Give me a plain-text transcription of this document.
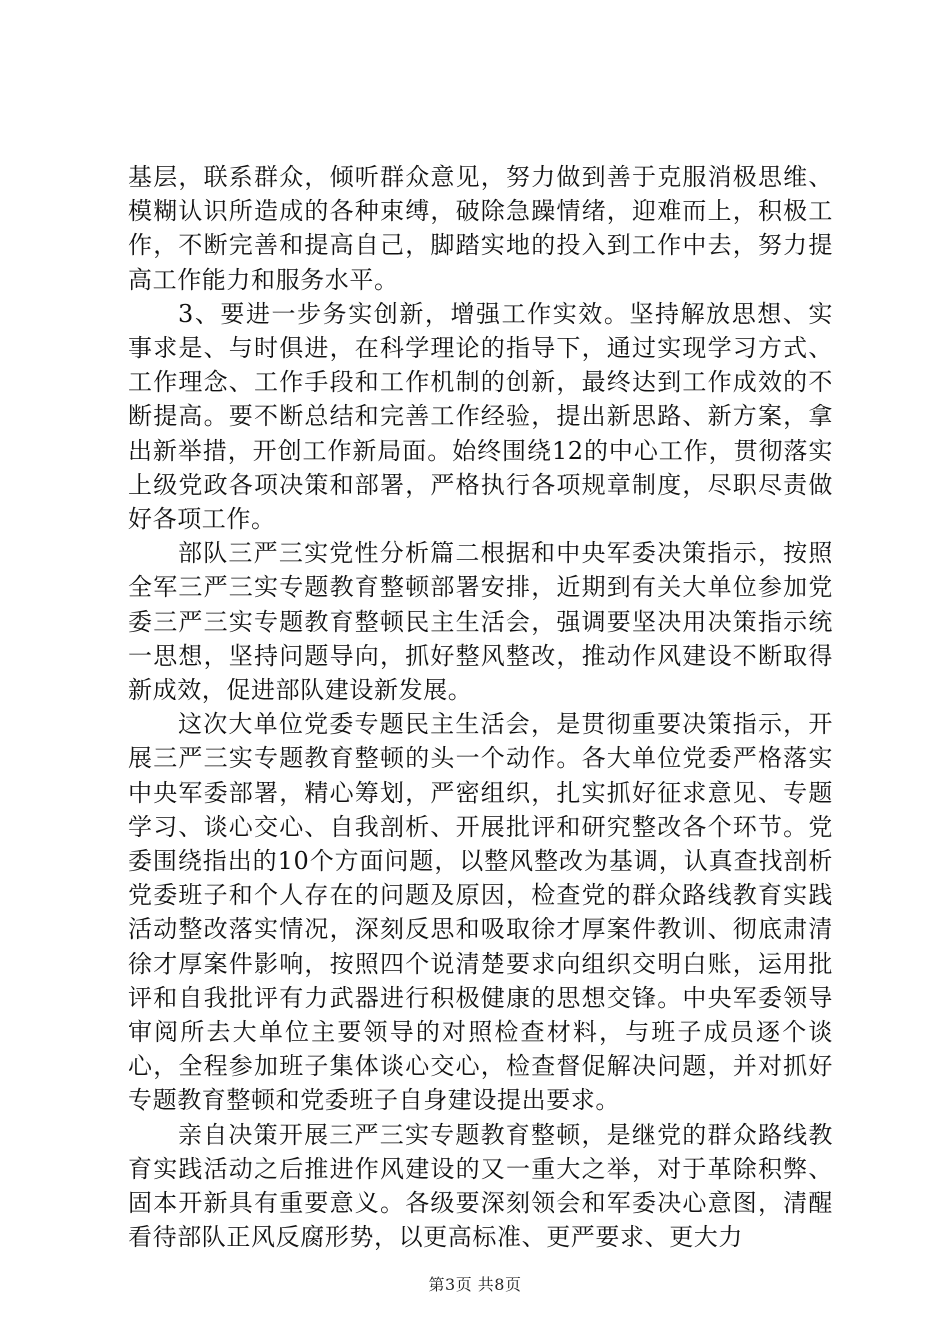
基层，联系群众，倾听群众意见，努力做到善于克服消极思维、模糊认识所造成的各种束缚，破除急躁情绪，迎难而上，积极工作，不断完善和提高自己，脚踏实地的投入到工作中去，努力提高工作能力和服务水平。

3、要进一步务实创新，增强工作实效。坚持解放思想、实事求是、与时俱进，在科学理论的指导下，通过实现学习方式、工作理念、工作手段和工作机制的创新，最终达到工作成效的不断提高。要不断总结和完善工作经验，提出新思路、新方案，拿出新举措，开创工作新局面。始终围绕12的中心工作，贯彻落实上级党政各项决策和部署，严格执行各项规章制度，尽职尽责做好各项工作。

部队三严三实党性分析篇二根据和中央军委决策指示，按照全军三严三实专题教育整顿部署安排，近期到有关大单位参加党委三严三实专题教育整顿民主生活会，强调要坚决用决策指示统一思想，坚持问题导向，抓好整风整改，推动作风建设不断取得新成效，促进部队建设新发展。

这次大单位党委专题民主生活会，是贯彻重要决策指示，开展三严三实专题教育整顿的头一个动作。各大单位党委严格落实中央军委部署，精心筹划，严密组织，扎实抓好征求意见、专题学习、谈心交心、自我剖析、开展批评和研究整改各个环节。党委围绕指出的10个方面问题，以整风整改为基调，认真查找剖析党委班子和个人存在的问题及原因，检查党的群众路线教育实践活动整改落实情况，深刻反思和吸取徐才厚案件教训、彻底肃清徐才厚案件影响，按照四个说清楚要求向组织交明白账，运用批评和自我批评有力武器进行积极健康的思想交锋。中央军委领导审阅所去大单位主要领导的对照检查材料，与班子成员逐个谈心，全程参加班子集体谈心交心，检查督促解决问题，并对抓好专题教育整顿和党委班子自身建设提出要求。

亲自决策开展三严三实专题教育整顿，是继党的群众路线教育实践活动之后推进作风建设的又一重大之举，对于革除积弊、固本开新具有重要意义。各级要深刻领会和军委决心意图，清醒看待部队正风反腐形势，以更高标准、更严要求、更大力

第3页 共8页
